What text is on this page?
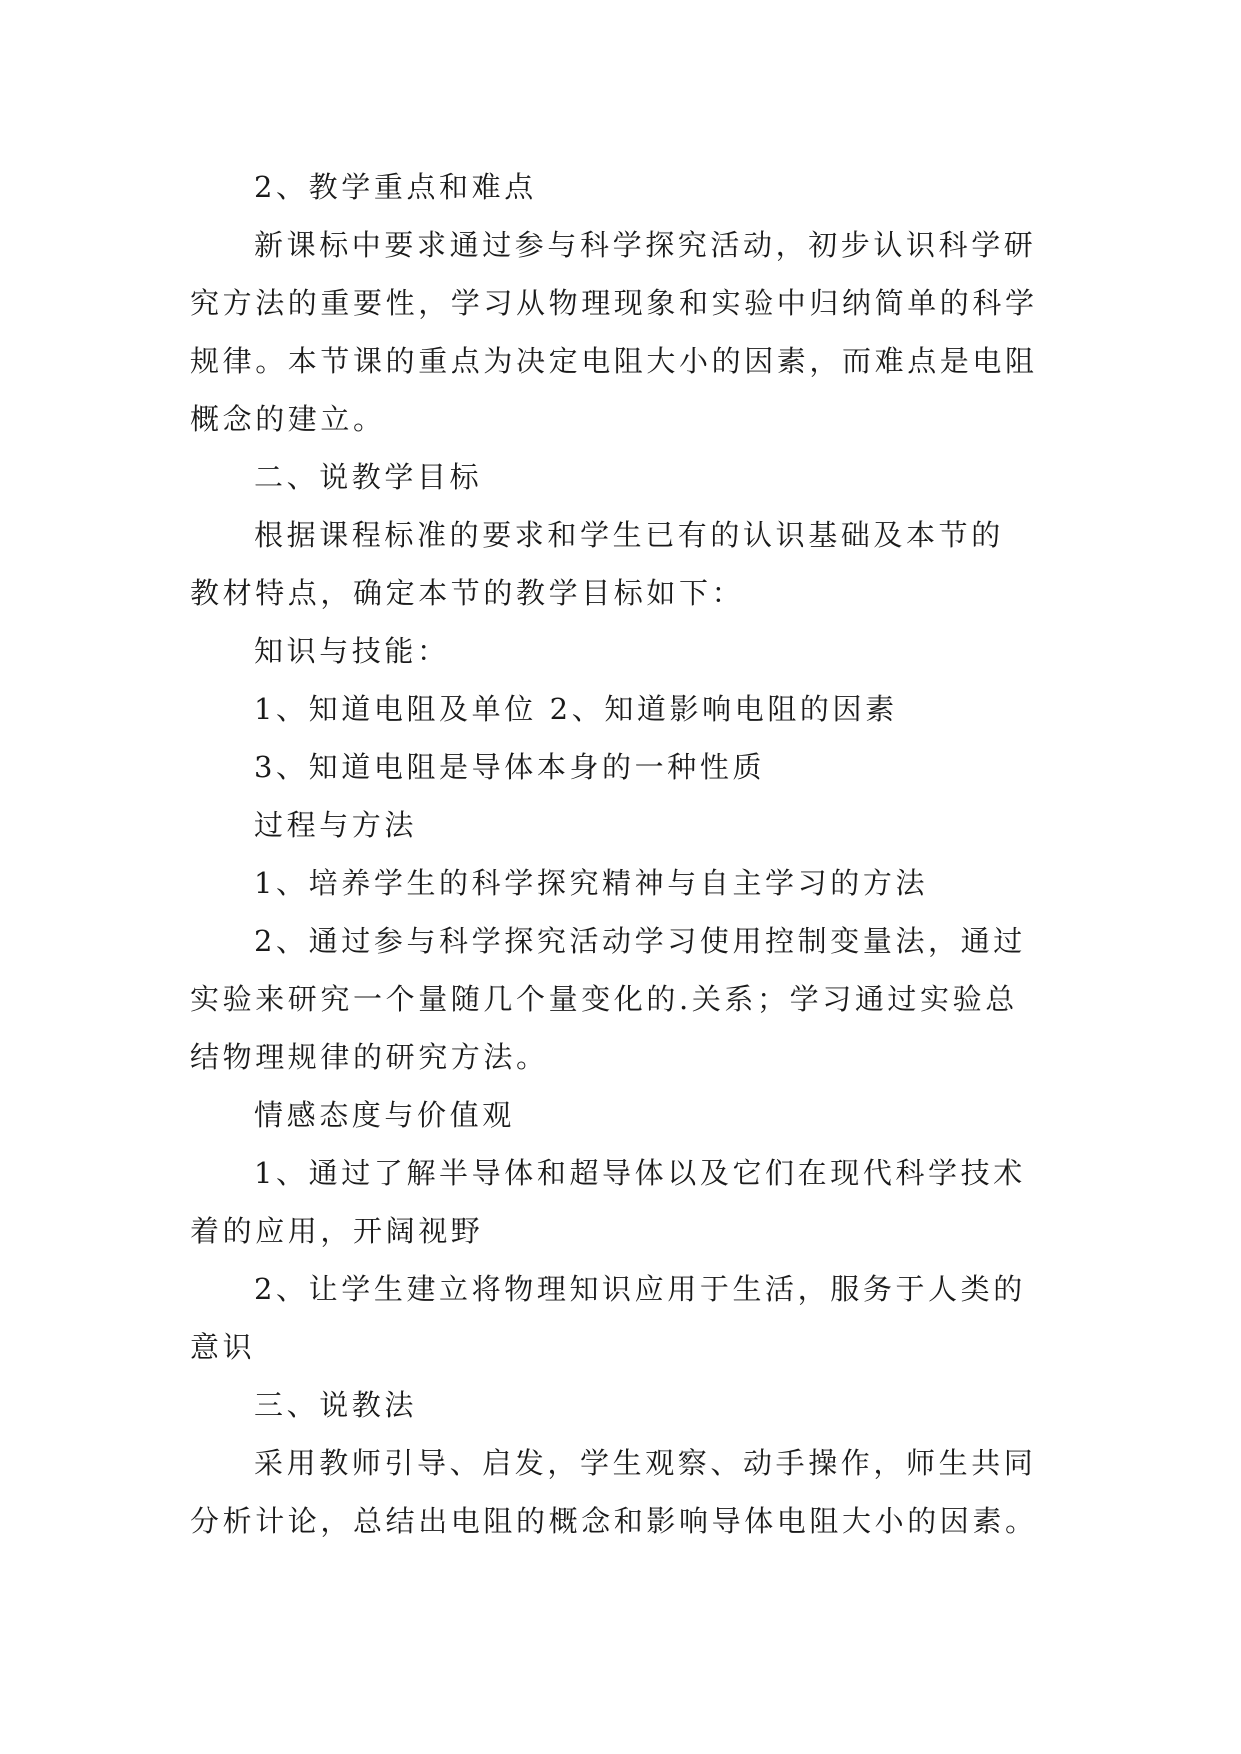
2、教学重点和难点
新课标中要求通过参与科学探究活动，初步认识科学研
究方法的重要性，学习从物理现象和实验中归纳简单的科学
规律。本节课的重点为决定电阻大小的因素，而难点是电阻
概念的建立。
二、说教学目标
根据课程标准的要求和学生已有的认识基础及本节的
教材特点，确定本节的教学目标如下：
知识与技能：
1、知道电阻及单位 2、知道影响电阻的因素
3、知道电阻是导体本身的一种性质
过程与方法
1、培养学生的科学探究精神与自主学习的方法
2、通过参与科学探究活动学习使用控制变量法，通过
实验来研究一个量随几个量变化的.关系；学习通过实验总
结物理规律的研究方法。
情感态度与价值观
1、通过了解半导体和超导体以及它们在现代科学技术
着的应用，开阔视野
2、让学生建立将物理知识应用于生活，服务于人类的
意识
三、说教法
采用教师引导、启发，学生观察、动手操作，师生共同
分析计论，总结出电阻的概念和影响导体电阻大小的因素。
